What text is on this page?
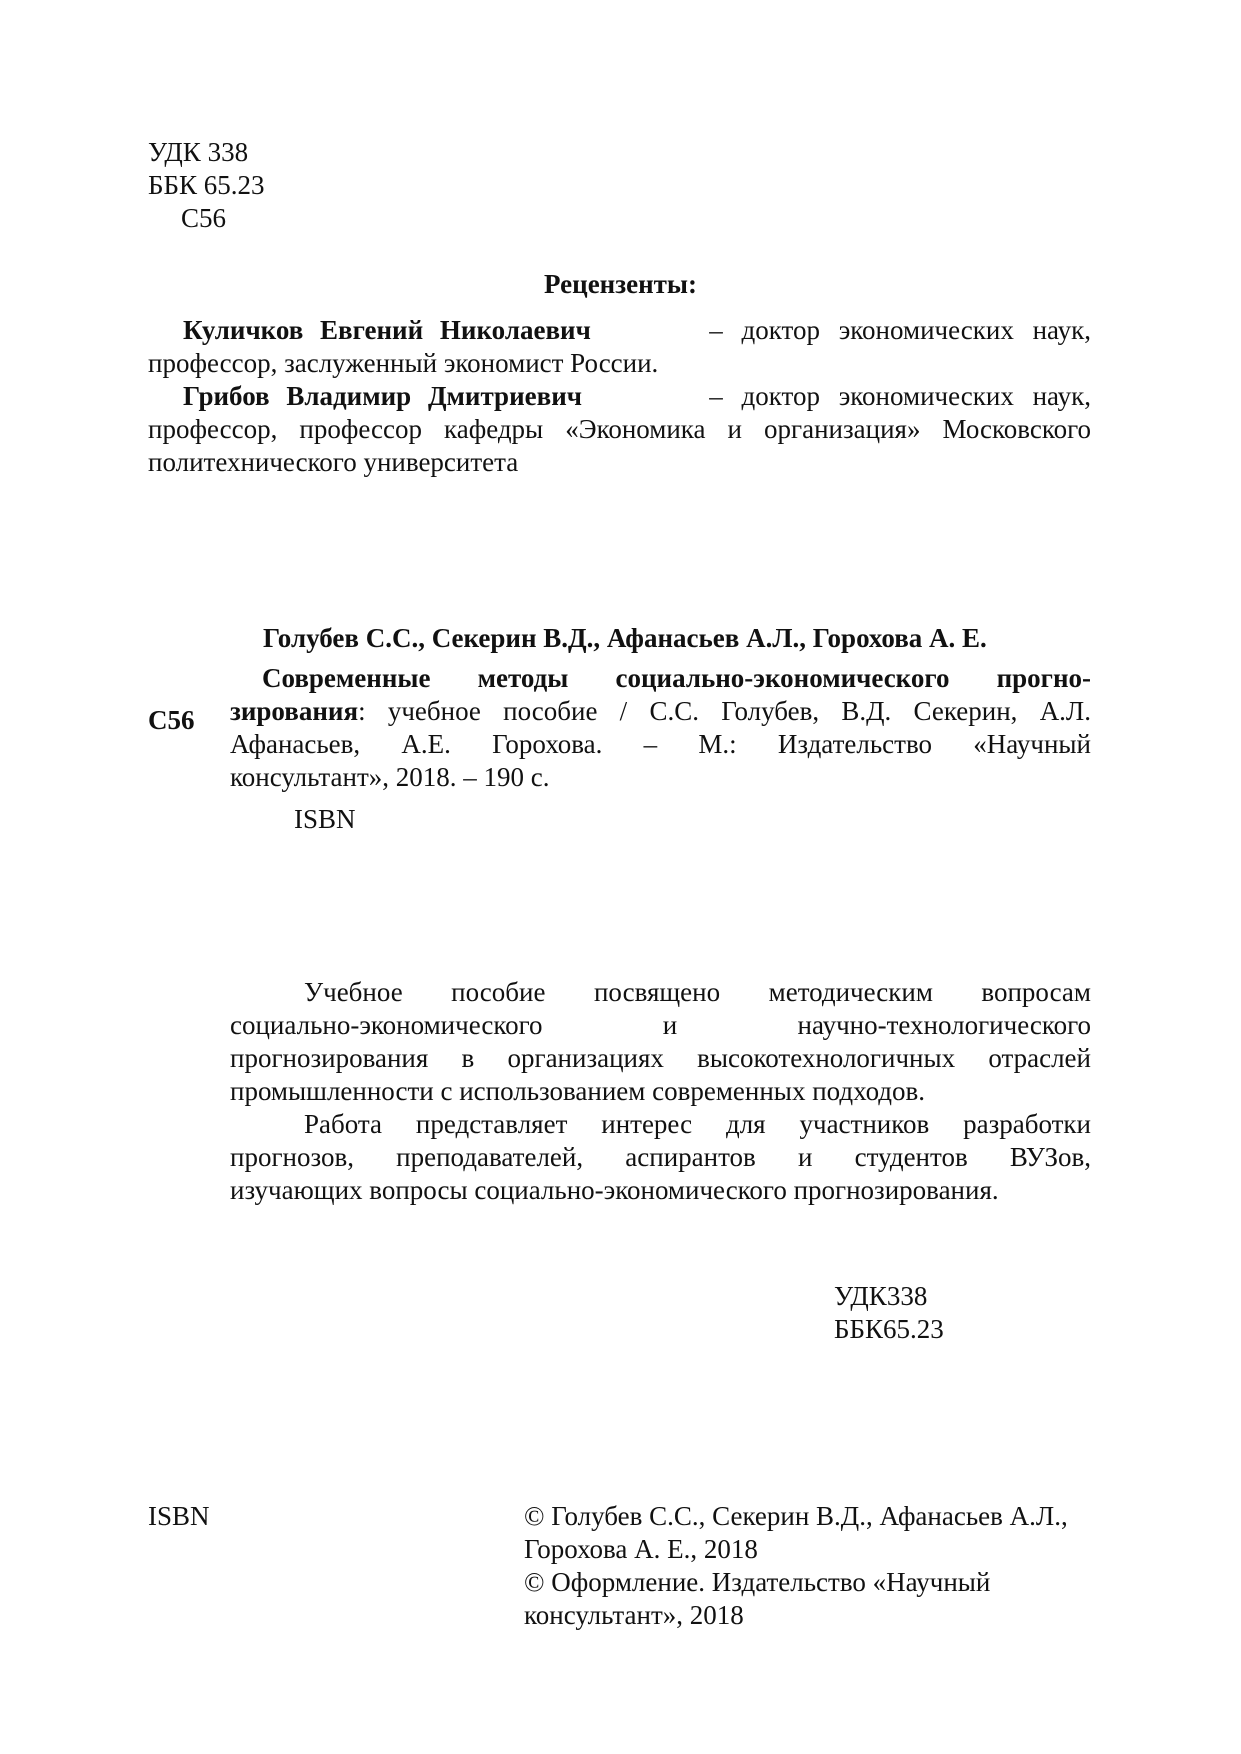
УДК 338
ББК 65.23
С56
Рецензенты:
Куличков Евгений Николаевич	– доктор экономических наук,
профессор, заслуженный экономист России.
Грибов Владимир Дмитриевич	– доктор экономических наук,
профессор, профессор кафедры «Экономика и организация» Московского
политехнического университета
Голубев С.С., Секерин В.Д., Афанасьев А.Л., Горохова А. Е.
С56
Современные методы социально-экономического прогно-
зирования : учебное пособие / С.С. Голубев, В.Д. Секерин, А.Л.
Афанасьев, А.Е. Горохова. – М.: Издательство «Научный
консультант», 2018. – 190 с.
ISBN
Учебное пособие посвящено методическим вопросам
социально-экономического и научно-технологического
прогнозирования в организациях высокотехнологичных отраслей
промышленности с использованием современных подходов.
Работа представляет интерес для участников разработки
прогнозов, преподавателей, аспирантов и студентов ВУЗов,
изучающих вопросы социально-экономического прогнозирования.
УДК338
ББК65.23
ISBN	© Голубев С.С., Секерин В.Д., Афанасьев А.Л.,
Горохова А. Е., 2018
© Оформление. Издательство «Научный
консультант», 2018
